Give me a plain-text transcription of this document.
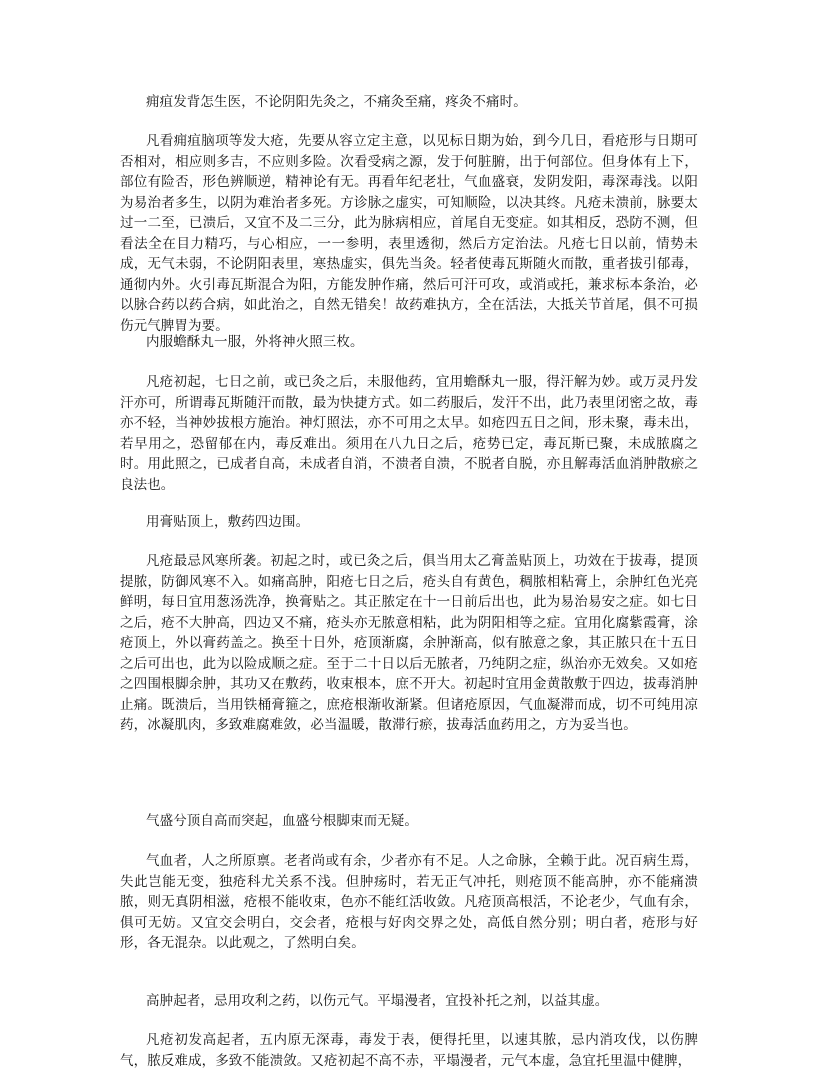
痈疽发背怎生医，不论阴阳先灸之，不痛灸至痛，疼灸不痛时。

凡看痈疽脑项等发大疮，先要从容立定主意，以见标日期为始，到今几日，看疮形与日期可否相对，相应则多吉，不应则多险。次看受病之源，发于何脏腑，出于何部位。但身体有上下，部位有险否，形色辨顺逆，精神论有无。再看年纪老壮，气血盛衰，发阴发阳，毒深毒浅。以阳为易治者多生，以阴为难治者多死。方诊脉之虚实，可知顺险，以决其终。凡疮未溃前，脉要太过一二至，已溃后，又宜不及二三分，此为脉病相应，首尾自无变症。如其相反，恐防不测，但看法全在目力精巧，与心相应，一一参明，表里透彻，然后方定治法。凡疮七日以前，情势未成，无气未弱，不论阴阳表里，寒热虚实，俱先当灸。轻者使毒瓦斯随火而散，重者拔引郁毒，通彻内外。火引毒瓦斯混合为阳，方能发肿作痛，然后可汗可攻，或消或托，兼求标本条治，必以脉合药以药合病，如此治之，自然无错矣！故药难执方，全在活法，大抵关节首尾，俱不可损伤元气脾胃为要。

内服蟾酥丸一服，外将神火照三枚。

凡疮初起，七日之前，或已灸之后，未服他药，宜用蟾酥丸一服，得汗解为妙。或万灵丹发汗亦可，所谓毒瓦斯随汗而散，最为快捷方式。如二药服后，发汗不出，此乃表里闭密之故，毒亦不轻，当神妙拔根方施治。神灯照法，亦不可用之太早。如疮四五日之间，形未聚，毒未出，若早用之，恐留郁在内，毒反难出。须用在八九日之后，疮势已定，毒瓦斯已聚，未成脓腐之时。用此照之，已成者自高，未成者自消，不溃者自溃，不脱者自脱，亦且解毒活血消肿散瘀之良法也。

用膏贴顶上，敷药四边围。

凡疮最忌风寒所袭。初起之时，或已灸之后，俱当用太乙膏盖贴顶上，功效在于拔毒，提顶提脓，防御风寒不入。如痛高肿，阳疮七日之后，疮头自有黄色，稠脓相粘膏上，余肿红色光亮鲜明，每日宜用葱汤洗净，换膏贴之。其正脓定在十一日前后出也，此为易治易安之症。如七日之后，疮不大肿高，四边又不痛，疮头亦无脓意相粘，此为阴阳相等之症。宜用化腐紫霞膏，涂疮顶上，外以膏药盖之。换至十日外，疮顶渐腐，余肿渐高，似有脓意之象，其正脓只在十五日之后可出也，此为以险成顺之症。至于二十日以后无脓者，乃纯阴之症，纵治亦无效矣。又如疮之四围根脚余肿，其功又在敷药，收束根本，庶不开大。初起时宜用金黄散敷于四边，拔毒消肿止痛。既溃后，当用铁桶膏箍之，庶疮根渐收渐紧。但诸疮原因，气血凝滞而成，切不可纯用凉药，冰凝肌肉，多致难腐难敛，必当温暖，散滞行瘀，拔毒活血药用之，方为妥当也。

气盛兮顶自高而突起，血盛兮根脚束而无疑。

气血者，人之所原禀。老者尚或有余，少者亦有不足。人之命脉，全赖于此。况百病生焉，失此岂能无变，独疮科尤关系不浅。但肿疡时，若无正气冲托，则疮顶不能高肿，亦不能痛溃脓，则无真阴相滋，疮根不能收束，色亦不能红活收敛。凡疮顶高根活，不论老少，气血有余，俱可无妨。又宜交会明白，交会者，疮根与好肉交界之处，高低自然分别；明白者，疮形与好形，各无混杂。以此观之，了然明白矣。

高肿起者，忌用攻利之药，以伤元气。平塌漫者，宜投补托之剂，以益其虚。

凡疮初发高起者，五内原无深毒，毒发于表，便得托里，以速其脓，忌内消攻伐，以伤脾气，脓反难成，多致不能溃敛。又疮初起不高不赤，平塌漫者，元气本虚，急宜托里温中健脾，
